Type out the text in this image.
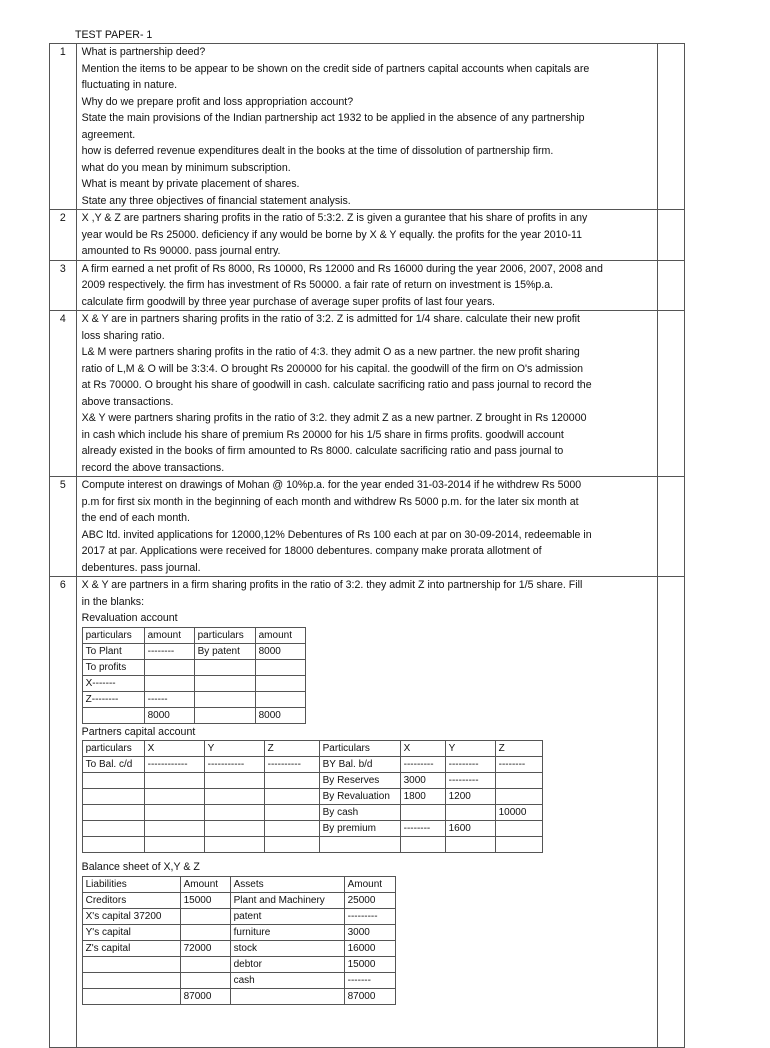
TEST PAPER- 1
1	What is partnership deed?
Mention the items to be appear to be shown on the credit side of partners capital accounts when capitals are
fluctuating in nature.
Why do we prepare profit and loss appropriation account?
State the main provisions of the Indian partnership act 1932 to be applied in the absence of any partnership
agreement.
how is deferred revenue expenditures dealt in the books at the time of dissolution of partnership firm.
what do you mean by minimum subscription.
What is meant by private placement of shares.
State any three objectives of financial statement analysis.

2	X ,Y & Z are partners sharing profits in the ratio of 5:3:2. Z is given a gurantee that his share of profits in any
year would be Rs 25000. deficiency if any would be borne by X & Y equally. the profits for the year 2010-11
amounted to Rs 90000. pass journal entry.

3	A firm earned a net profit of Rs 8000, Rs 10000, Rs 12000 and Rs 16000 during the year 2006, 2007, 2008 and
2009 respectively. the firm has investment of Rs 50000. a fair rate of return on investment is 15%p.a.
calculate firm goodwill by three year purchase of average super profits of last four years.

4	X & Y are in partners sharing profits in the ratio of 3:2. Z is admitted for 1/4 share. calculate their new profit
loss sharing ratio.
L& M were partners sharing profits in the ratio of 4:3. they admit O as a new partner. the new profit sharing
ratio of L,M & O will be 3:3:4. O brought Rs 200000 for his capital. the goodwill of the firm on O's admission
at Rs 70000. O brought his share of goodwill in cash. calculate sacrificing ratio and pass journal to record the
above transactions.
X& Y were partners sharing profits in the ratio of 3:2. they admit Z as a new partner. Z brought in Rs 120000
in cash which include his share of premium Rs 20000 for his 1/5 share in firms profits. goodwill account
already existed in the books of firm amounted to Rs 8000. calculate sacrificing ratio and pass journal to
record the above transactions.

5	Compute interest on drawings of Mohan @ 10%p.a. for the year ended 31-03-2014 if he withdrew Rs 5000
p.m for first six month in the beginning of each month and withdrew Rs 5000 p.m. for the later six month at
the end of each month.
ABC ltd. invited applications for 12000,12% Debentures of Rs 100 each at par on 30-09-2014, redeemable in
2017 at par. Applications were received for 18000 debentures. company make prorata allotment of
debentures. pass journal.

6	X & Y are partners in a firm sharing profits in the ratio of 3:2. they admit Z into partnership for 1/5 share. Fill
in the blanks:
Revaluation account
particulars	amount	particulars	amount
To Plant	--------	By patent	8000
To profits			
X-------			
Z--------	------		
	8000		8000
Partners capital account
particulars	X	Y	Z	Particulars	X	Y	Z
To Bal. c/d	------------	-----------	----------	BY Bal. b/d	---------	---------	--------
				By Reserves	3000	---------	
				By Revaluation	1800	1200	
				By cash			10000
				By premium	--------	1600	

Balance sheet of X,Y & Z
Liabilities	Amount	Assets	Amount
Creditors	15000	Plant and Machinery	25000
X's capital 37200		patent	---------
Y's capital		furniture	3000
Z's capital	72000	stock	16000
		debtor	15000
		cash	-------
	87000		87000
